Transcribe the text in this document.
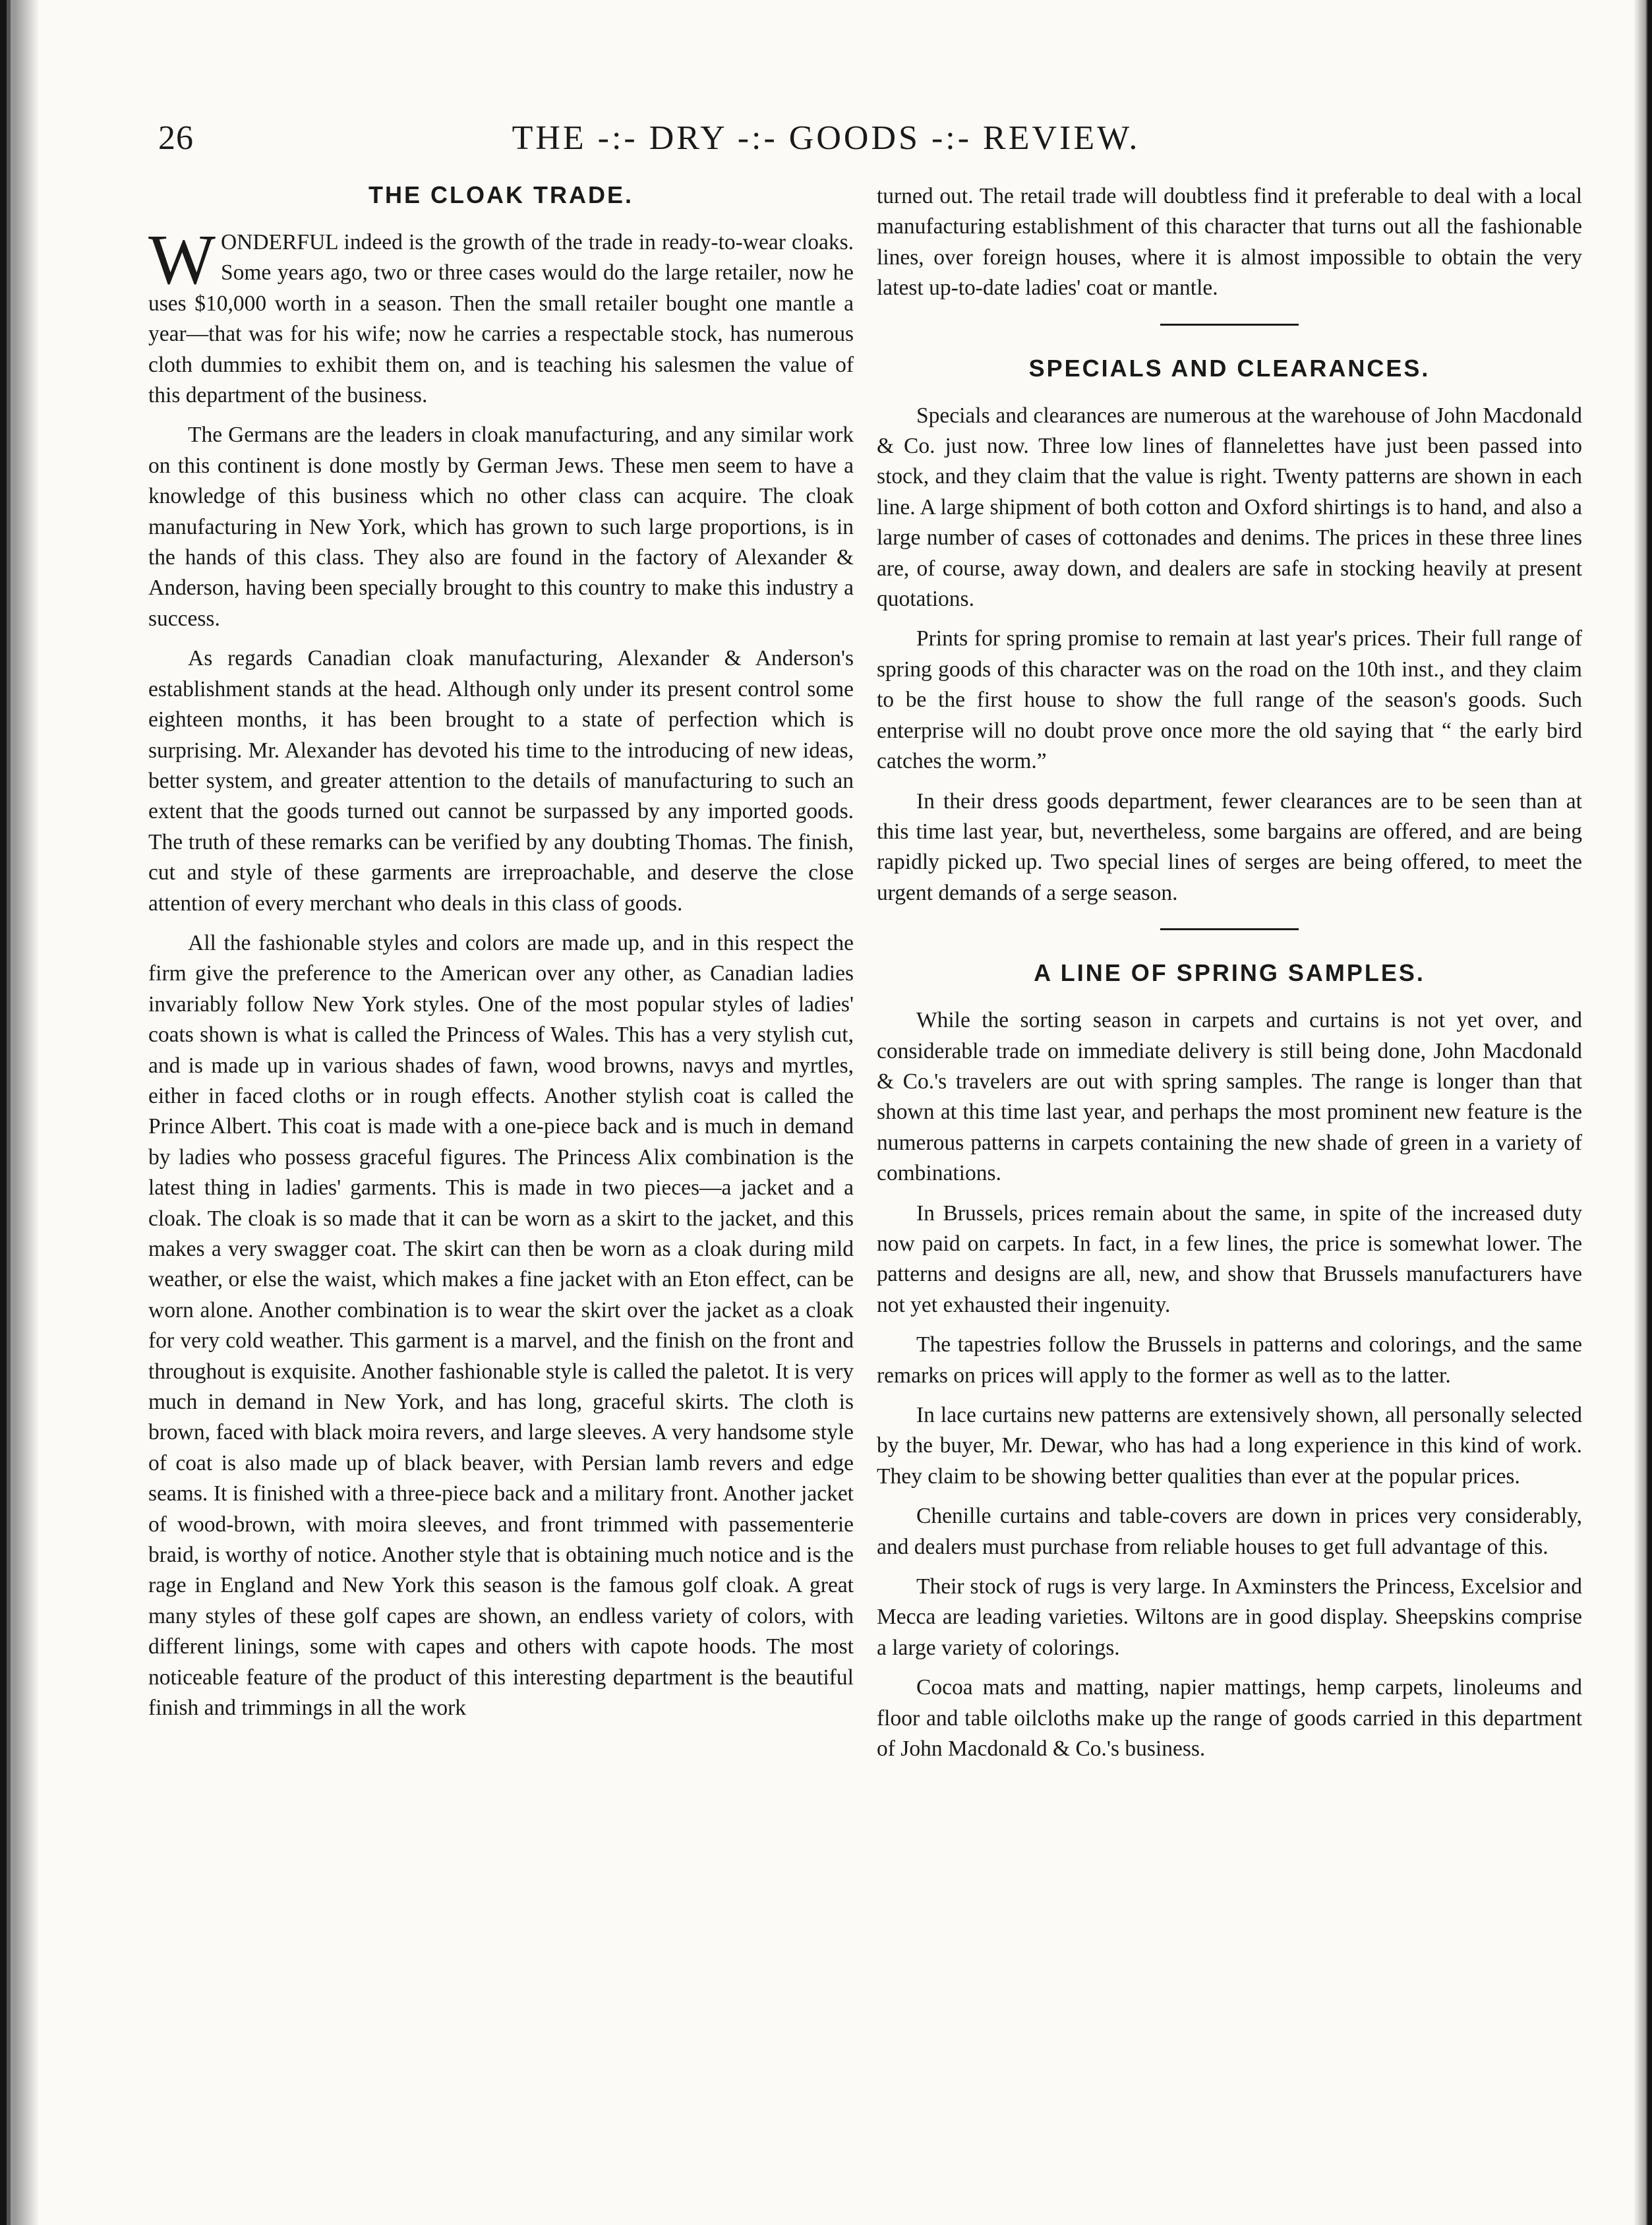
26	THE -:- DRY -:- GOODS -:- REVIEW.
THE CLOAK TRADE.

WONDERFUL indeed is the growth of the trade in ready-to-wear cloaks. Some years ago, two or three cases would do the large retailer, now he uses $10,000 worth in a season. Then the small retailer bought one mantle a year—that was for his wife; now he carries a respectable stock, has numerous cloth dummies to exhibit them on, and is teaching his salesmen the value of this department of the business.

The Germans are the leaders in cloak manufacturing, and any similar work on this continent is done mostly by German Jews. These men seem to have a knowledge of this business which no other class can acquire. The cloak manufacturing in New York, which has grown to such large proportions, is in the hands of this class. They also are found in the factory of Alexander & Anderson, having been specially brought to this country to make this industry a success.

As regards Canadian cloak manufacturing, Alexander & Anderson's establishment stands at the head. Although only under its present control some eighteen months, it has been brought to a state of perfection which is surprising. Mr. Alexander has devoted his time to the introducing of new ideas, better system, and greater attention to the details of manufacturing to such an extent that the goods turned out cannot be surpassed by any imported goods. The truth of these remarks can be verified by any doubting Thomas. The finish, cut and style of these garments are irreproachable, and deserve the close attention of every merchant who deals in this class of goods.

All the fashionable styles and colors are made up, and in this respect the firm give the preference to the American over any other, as Canadian ladies invariably follow New York styles. One of the most popular styles of ladies' coats shown is what is called the Princess of Wales. This has a very stylish cut, and is made up in various shades of fawn, wood browns, navys and myrtles, either in faced cloths or in rough effects. Another stylish coat is called the Prince Albert. This coat is made with a one-piece back and is much in demand by ladies who possess graceful figures. The Princess Alix combination is the latest thing in ladies' garments. This is made in two pieces—a jacket and a cloak. The cloak is so made that it can be worn as a skirt to the jacket, and this makes a very swagger coat. The skirt can then be worn as a cloak during mild weather, or else the waist, which makes a fine jacket with an Eton effect, can be worn alone. Another combination is to wear the skirt over the jacket as a cloak for very cold weather. This garment is a marvel, and the finish on the front and throughout is exquisite. Another fashionable style is called the paletot. It is very much in demand in New York, and has long, graceful skirts. The cloth is brown, faced with black moira revers, and large sleeves. A very handsome style of coat is also made up of black beaver, with Persian lamb revers and edge seams. It is finished with a three-piece back and a military front. Another jacket of wood-brown, with moira sleeves, and front trimmed with passementerie braid, is worthy of notice. Another style that is obtaining much notice and is the rage in England and New York this season is the famous golf cloak. A great many styles of these golf capes are shown, an endless variety of colors, with different linings, some with capes and others with capote hoods. The most noticeable feature of the product of this interesting department is the beautiful finish and trimmings in all the work

turned out. The retail trade will doubtless find it preferable to deal with a local manufacturing establishment of this character that turns out all the fashionable lines, over foreign houses, where it is almost impossible to obtain the very latest up-to-date ladies' coat or mantle.

SPECIALS AND CLEARANCES.

Specials and clearances are numerous at the warehouse of John Macdonald & Co. just now. Three low lines of flannelettes have just been passed into stock, and they claim that the value is right. Twenty patterns are shown in each line. A large shipment of both cotton and Oxford shirtings is to hand, and also a large number of cases of cottonades and denims. The prices in these three lines are, of course, away down, and dealers are safe in stocking heavily at present quotations.

Prints for spring promise to remain at last year's prices. Their full range of spring goods of this character was on the road on the 10th inst., and they claim to be the first house to show the full range of the season's goods. Such enterprise will no doubt prove once more the old saying that “ the early bird catches the worm.”

In their dress goods department, fewer clearances are to be seen than at this time last year, but, nevertheless, some bargains are offered, and are being rapidly picked up. Two special lines of serges are being offered, to meet the urgent demands of a serge season.

A LINE OF SPRING SAMPLES.

While the sorting season in carpets and curtains is not yet over, and considerable trade on immediate delivery is still being done, John Macdonald & Co.'s travelers are out with spring samples. The range is longer than that shown at this time last year, and perhaps the most prominent new feature is the numerous patterns in carpets containing the new shade of green in a variety of combinations.

In Brussels, prices remain about the same, in spite of the increased duty now paid on carpets. In fact, in a few lines, the price is somewhat lower. The patterns and designs are all, new, and show that Brussels manufacturers have not yet exhausted their ingenuity.

The tapestries follow the Brussels in patterns and colorings, and the same remarks on prices will apply to the former as well as to the latter.

In lace curtains new patterns are extensively shown, all personally selected by the buyer, Mr. Dewar, who has had a long experience in this kind of work. They claim to be showing better qualities than ever at the popular prices.

Chenille curtains and table-covers are down in prices very considerably, and dealers must purchase from reliable houses to get full advantage of this.

Their stock of rugs is very large. In Axminsters the Princess, Excelsior and Mecca are leading varieties. Wiltons are in good display. Sheepskins comprise a large variety of colorings.

Cocoa mats and matting, napier mattings, hemp carpets, linoleums and floor and table oilcloths make up the range of goods carried in this department of John Macdonald & Co.'s business.
